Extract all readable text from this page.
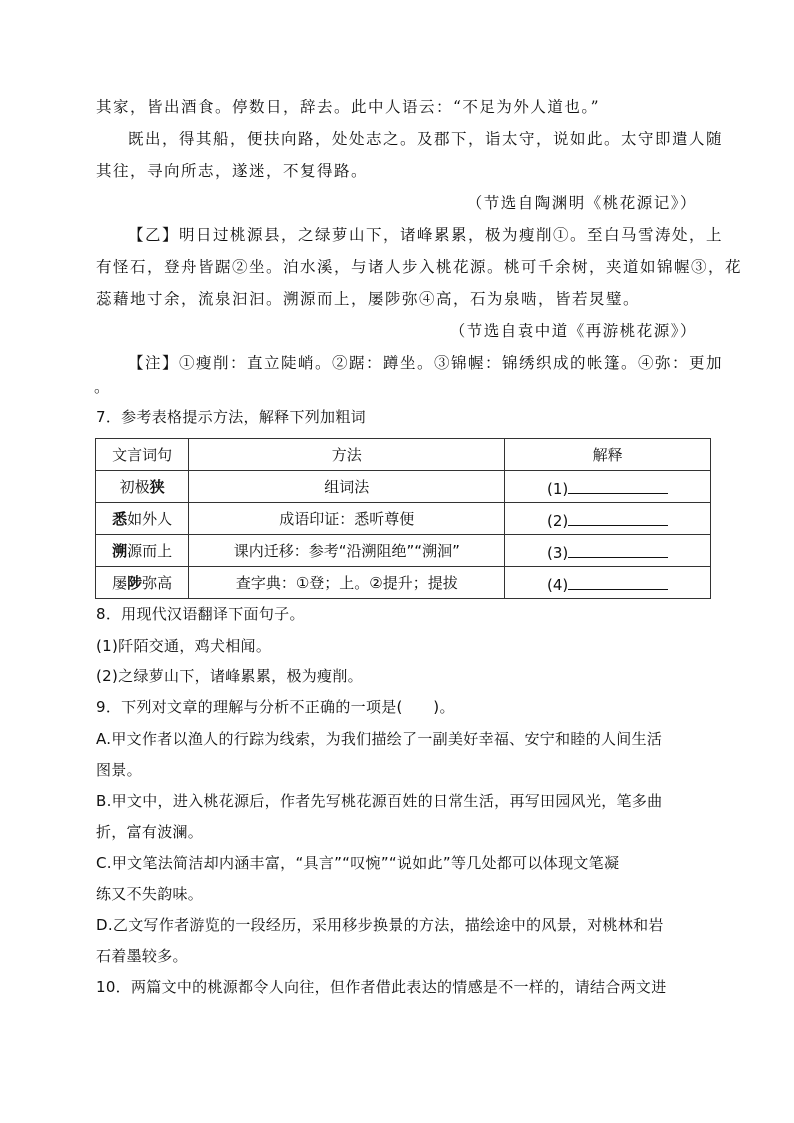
其家，皆出酒食。停数日，辞去。此中人语云：“不足为外人道也。”
既出，得其船，便扶向路，处处志之。及郡下，诣太守，说如此。太守即遣人随
其往，寻向所志，遂迷，不复得路。
（节选自陶渊明《桃花源记》）
【乙】明日过桃源县，之绿萝山下，诸峰累累，极为瘦削①。至白马雪涛处，上
有怪石，登舟皆踞②坐。泊水溪，与诸人步入桃花源。桃可千余树，夹道如锦幄③，花
蕊藉地寸余，流泉汩汩。溯源而上，屡陟弥④高，石为泉啮，皆若炅璧。
（节选自袁中道《再游桃花源》）
【注】①瘦削：直立陡峭。②踞：蹲坐。③锦幄：锦绣织成的帐篷。④弥：更加
。
7．参考表格提示方法，解释下列加粗词
文言词句	方法	解释
初极狭	组词法	(1)
悉如外人	成语印证：悉听尊便	(2)
溯源而上	课内迁移：参考“沿溯阻绝”“溯洄”	(3)
屡陟弥高	查字典：①登；上。②提升；提拔	(4)
8．用现代汉语翻译下面句子。
(1)阡陌交通，鸡犬相闻。
(2)之绿萝山下，诸峰累累，极为瘦削。
9．下列对文章的理解与分析不正确的一项是(　　)。
A.甲文作者以渔人的行踪为线索，为我们描绘了一副美好幸福、安宁和睦的人间生活
图景。
B.甲文中，进入桃花源后，作者先写桃花源百姓的日常生活，再写田园风光，笔多曲
折，富有波澜。
C.甲文笔法简洁却内涵丰富，“具言”“叹惋”“说如此”等几处都可以体现文笔凝
练又不失韵味。
D.乙文写作者游览的一段经历，采用移步换景的方法，描绘途中的风景，对桃林和岩
石着墨较多。
10．两篇文中的桃源都令人向往，但作者借此表达的情感是不一样的，请结合两文进
